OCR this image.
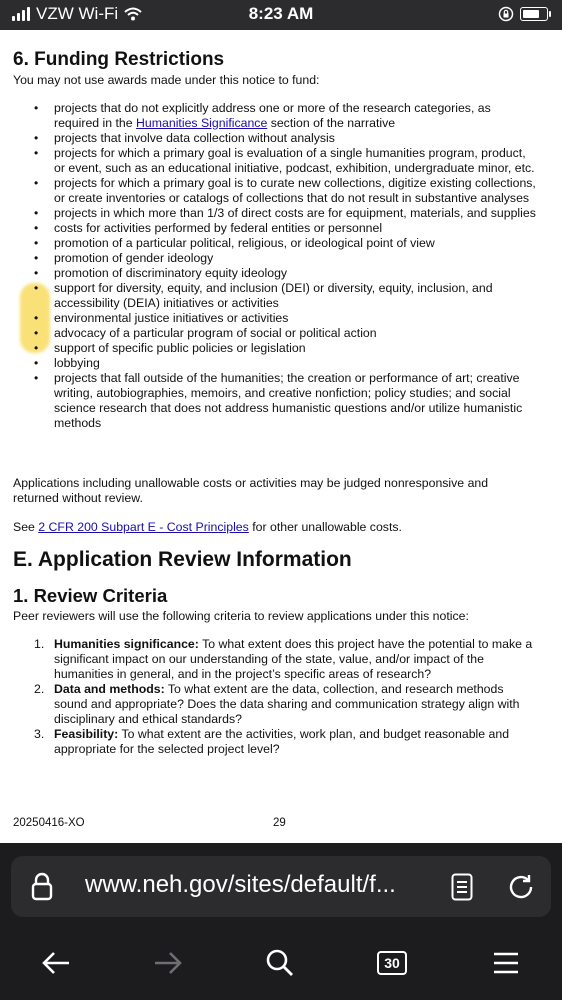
VZW Wi-Fi	8:23 AM
6. Funding Restrictions
You may not use awards made under this notice to fund:
• projects that do not explicitly address one or more of the research categories, as required in the Humanities Significance section of the narrative
• projects that involve data collection without analysis
• projects for which a primary goal is evaluation of a single humanities program, product, or event, such as an educational initiative, podcast, exhibition, undergraduate minor, etc.
• projects for which a primary goal is to curate new collections, digitize existing collections, or create inventories or catalogs of collections that do not result in substantive analyses
• projects in which more than 1/3 of direct costs are for equipment, materials, and supplies
• costs for activities performed by federal entities or personnel
• promotion of a particular political, religious, or ideological point of view
• promotion of gender ideology
• promotion of discriminatory equity ideology
• support for diversity, equity, and inclusion (DEI) or diversity, equity, inclusion, and accessibility (DEIA) initiatives or activities
• environmental justice initiatives or activities
• advocacy of a particular program of social or political action
• support of specific public policies or legislation
• lobbying
• projects that fall outside of the humanities; the creation or performance of art; creative writing, autobiographies, memoirs, and creative nonfiction; policy studies; and social science research that does not address humanistic questions and/or utilize humanistic methods
Applications including unallowable costs or activities may be judged nonresponsive and returned without review.
See 2 CFR 200 Subpart E - Cost Principles for other unallowable costs.
E. Application Review Information
1. Review Criteria
Peer reviewers will use the following criteria to review applications under this notice:
1. Humanities significance: To what extent does this project have the potential to make a significant impact on our understanding of the state, value, and/or impact of the humanities in general, and in the project’s specific areas of research?
2. Data and methods: To what extent are the data, collection, and research methods sound and appropriate? Does the data sharing and communication strategy align with disciplinary and ethical standards?
3. Feasibility: To what extent are the activities, work plan, and budget reasonable and appropriate for the selected project level?
20250416-XO	29
www.neh.gov/sites/default/f...
30
